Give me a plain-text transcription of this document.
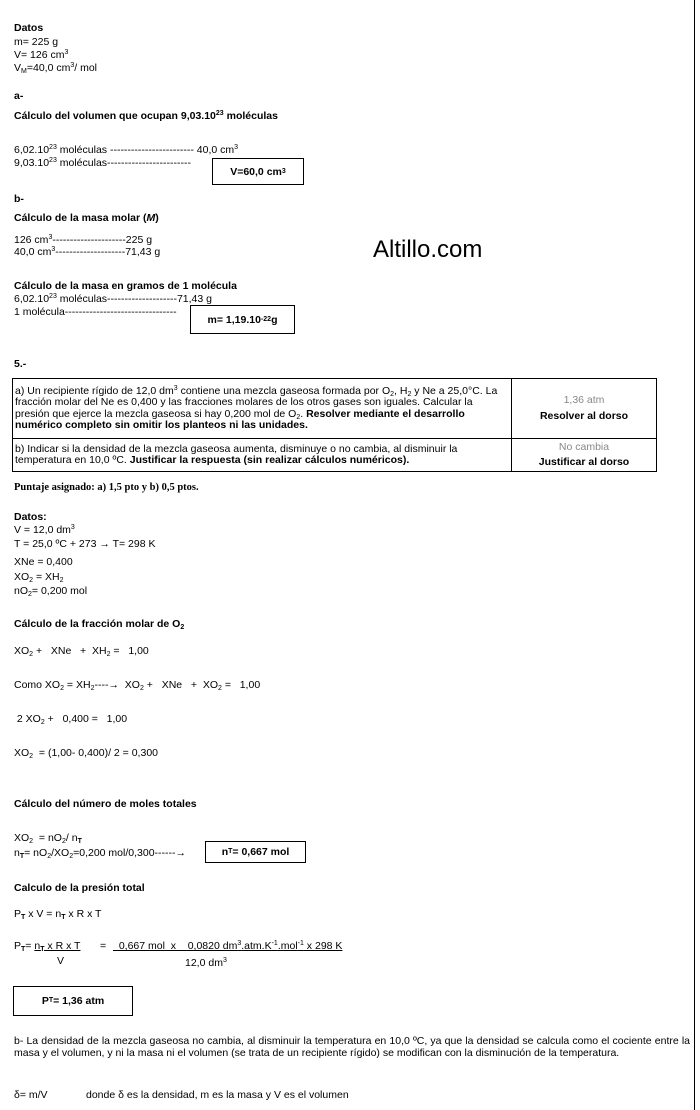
Datos
m= 225 g
V= 126 $cm^3$
$V_M=40,0$ $cm^3/$ mol
a-
Cálculo del volumen que ocupan 9,03.10$^{23}$ moléculas
6,02.10$^{23}$ moléculas ------------------------ 40,0 $cm^3$
9,03.10$^{23}$ moléculas------------------------
V=60,0 cm 3
b-
Cálculo de la masa molar (M)
126 $cm^3---------------------225$ g
40,0 $cm^3--------------------71,43$ g	Altillo.com
Cálculo de la masa en gramos de 1 molécula
6,02.10$^{23}$ moléculas--------------------71,43 g
1 molécula--------------------------------
m= 1,19.10 -22 g
5.-
a) Un recipiente rígido de 12,0 $dm^3$ contiene una mezcla gaseosa formada por $O_2$, $H_2$ y Ne a 25,0°C. La fracción molar del Ne es 0,400 y las fracciones molares de los otros gases son iguales. Calcular la presión que ejerce la mezcla gaseosa si hay 0,200 mol de $O_2$. Resolver mediante el desarrollo numérico completo sin omitir los planteos ni las unidades.	1,36 atm
Resolver al dorso

b) Indicar si la densidad de la mezcla gaseosa aumenta, disminuye o no cambia, al disminuir la temperatura en 10,0 ºC. Justificar la respuesta (sin realizar cálculos numéricos).	No cambia
Justificar al dorso
Puntaje asignado: a) 1,5 pto y b) 0,5 ptos.
Datos:
V = 12,0 $dm^3$
T = 25,0 ºC + 273 → T= 298 K
XNe = 0,400
$XO_2 = XH_2$
$nO_2= 0,200$ mol
Cálculo de la fracción molar de $O_2$
$XO_2$ +   XNe   +  $XH_2 = 1,00$
Como $XO_2 = XH_2----\to XO_2$ +   XNe   +  $XO_2 = 1,00$
2 $XO_2 + 0,400 = 1,00$
$XO_2 = (1,00-$ 0,400)/ 2 = 0,300
Cálculo del número de moles totales
$XO_2 = nO_2/$ $n_T$
$n_T= nO_2/XO_2=0,200$ mol/0,300------→	n T = 0,667 mol
Calculo de la presión total
$P_T$ x $V = n_T$ x R x T
$P_T= n_T$ x R x T
V
= 0,667 mol  x    0,0820 $dm^3.atm.K^{-1}.mol^{-1}$ x 298 K
12,0 $dm^3$
P T = 1,36 atm
b- La densidad de la mezcla gaseosa no cambia, al disminuir la temperatura en 10,0 ºC, ya que la densidad se calcula como el cociente entre la masa y el volumen, y ni la masa ni el volumen (se trata de un recipiente rígido) se modifican con la disminución de la temperatura.
δ= m/V	donde δ es la densidad, m es la masa y V es el volumen
